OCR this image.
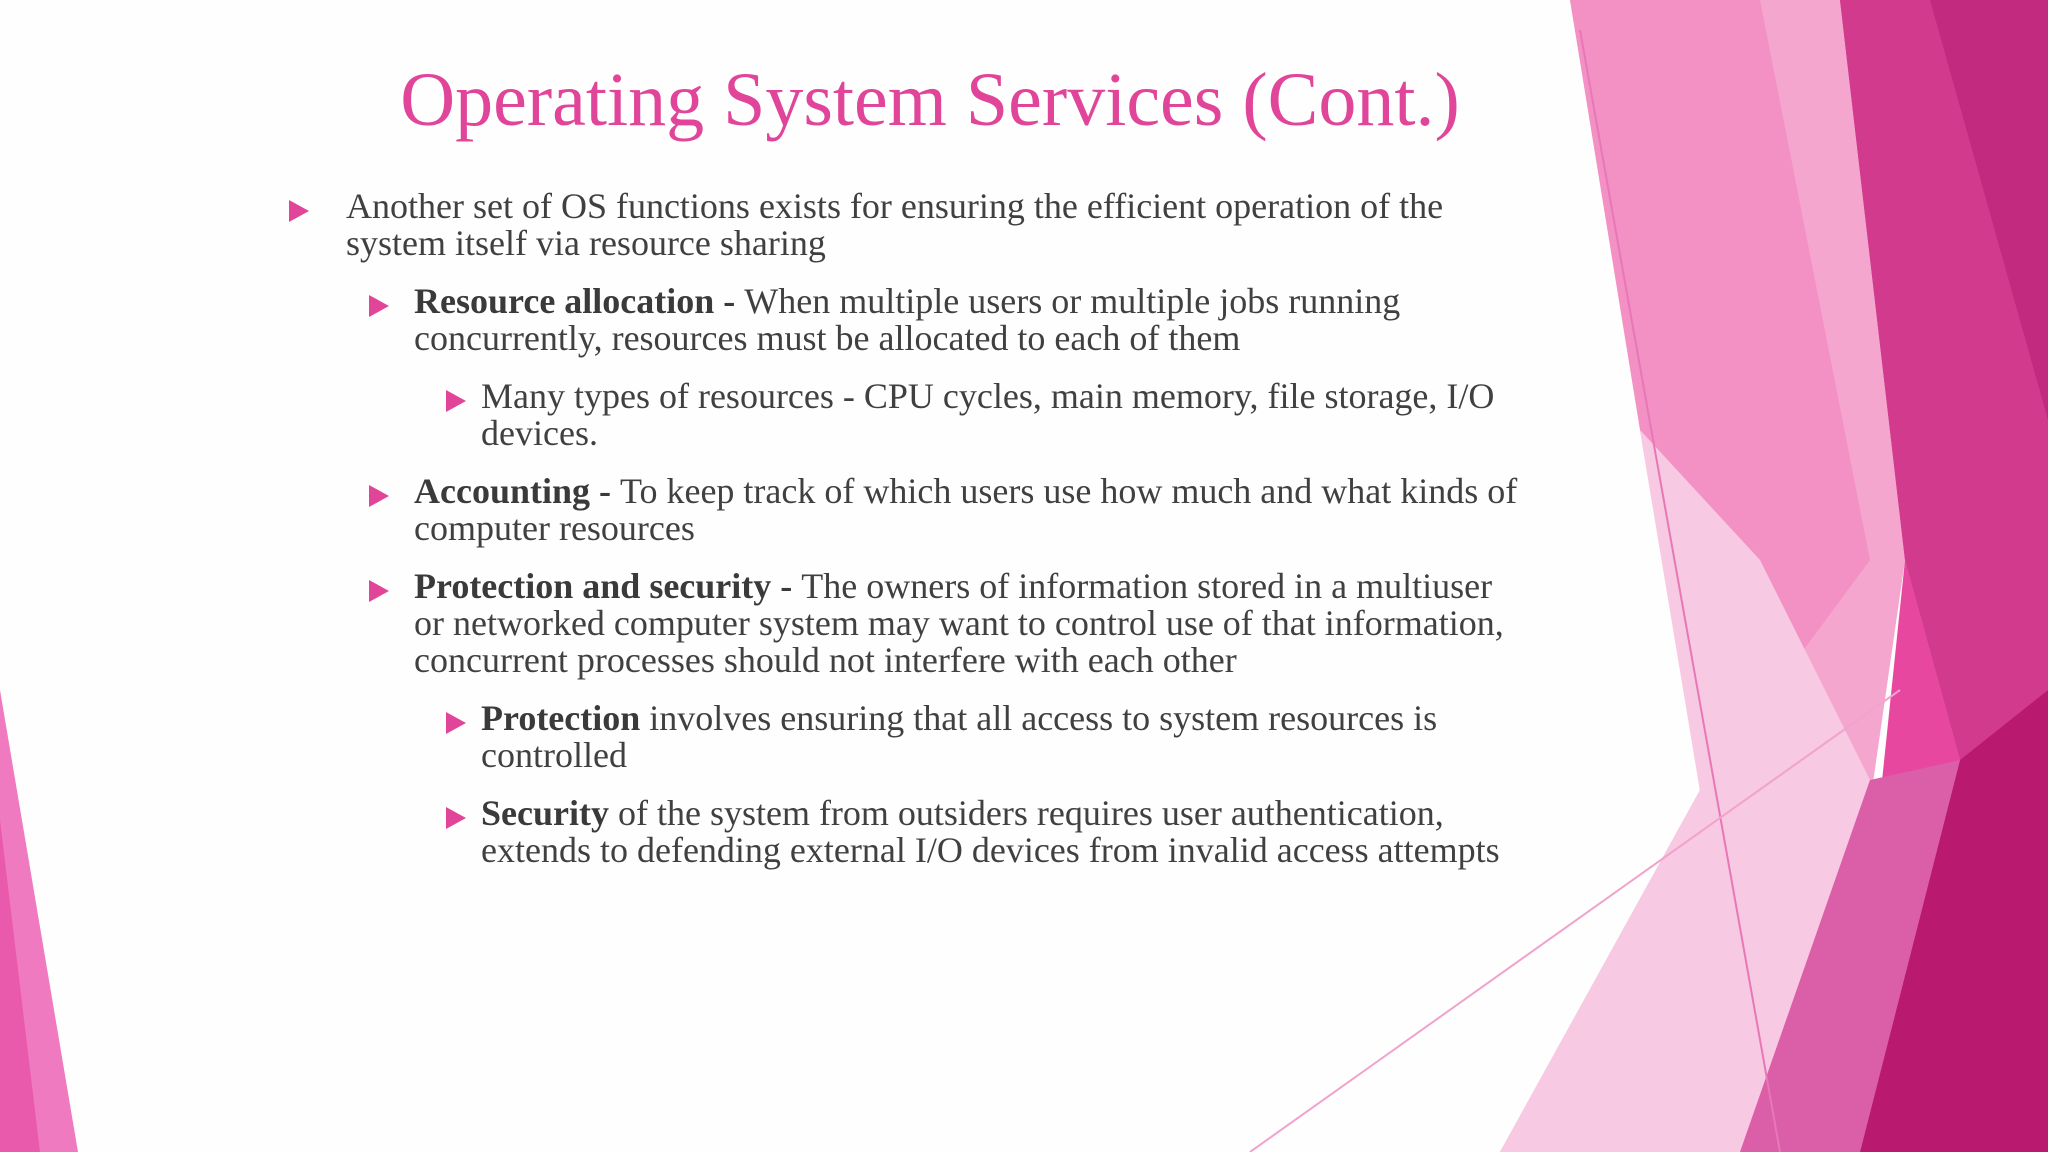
Operating System Services (Cont.)
Another set of OS functions exists for ensuring the efficient operation of the system itself via resource sharing
Resource allocation - When multiple users or multiple jobs running concurrently, resources must be allocated to each of them
Many types of resources - CPU cycles, main memory, file storage, I/O devices.
Accounting - To keep track of which users use how much and what kinds of computer resources
Protection and security - The owners of information stored in a multiuser or networked computer system may want to control use of that information, concurrent processes should not interfere with each other
Protection involves ensuring that all access to system resources is controlled
Security of the system from outsiders requires user authentication, extends to defending external I/O devices from invalid access attempts
